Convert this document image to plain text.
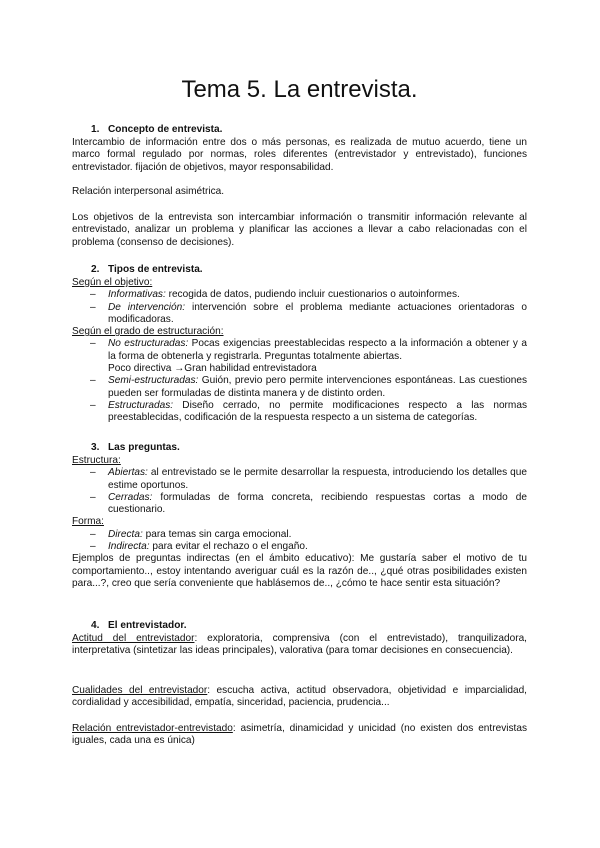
Tema 5. La entrevista.
1. Concepto de entrevista.

Intercambio de información entre dos o más personas, es realizada de mutuo acuerdo, tiene un marco formal regulado por normas, roles diferentes (entrevistador y entrevistado), funciones entrevistador. fijación de objetivos, mayor responsabilidad.

Relación interpersonal asimétrica.

Los objetivos de la entrevista son intercambiar información o transmitir información relevante al entrevistado, analizar un problema y planificar las acciones a llevar a cabo relacionadas con el problema (consenso de decisiones).

2. Tipos de entrevista.
Según el objetivo:
– Informativas: recogida de datos, pudiendo incluir cuestionarios o autoinformes.
– De intervención: intervención sobre el problema mediante actuaciones orientadoras o modificadoras.
Según el grado de estructuración:
– No estructuradas: Pocas exigencias preestablecidas respecto a la información a obtener y a la forma de obtenerla y registrarla. Preguntas totalmente abiertas.
Poco directiva →Gran habilidad entrevistadora
– Semi-estructuradas: Guión, previo pero permite intervenciones espontáneas. Las cuestiones pueden ser formuladas de distinta manera y de distinto orden.
– Estructuradas: Diseño cerrado, no permite modificaciones respecto a las normas preestablecidas, codificación de la respuesta respecto a un sistema de categorías.
3. Las preguntas.
Estructura:
– Abiertas: al entrevistado se le permite desarrollar la respuesta, introduciendo los detalles que estime oportunos.
– Cerradas: formuladas de forma concreta, recibiendo respuestas cortas a modo de cuestionario.
Forma:
– Directa: para temas sin carga emocional.
– Indirecta: para evitar el rechazo o el engaño.

Ejemplos de preguntas indirectas (en el ámbito educativo): Me gustaría saber el motivo de tu comportamiento.., estoy intentando averiguar cuál es la razón de.., ¿qué otras posibilidades existen para...?, creo que sería conveniente que hablásemos de.., ¿cómo te hace sentir esta situación?

4. El entrevistador.

Actitud del entrevistador: exploratoria, comprensiva (con el entrevistado), tranquilizadora, interpretativa (sintetizar las ideas principales), valorativa (para tomar decisiones en consecuencia).

Cualidades del entrevistador: escucha activa, actitud observadora, objetividad e imparcialidad, cordialidad y accesibilidad, empatía, sinceridad, paciencia, prudencia...

Relación entrevistador-entrevistado: asimetría, dinamicidad y unicidad (no existen dos entrevistas iguales, cada una es única)
